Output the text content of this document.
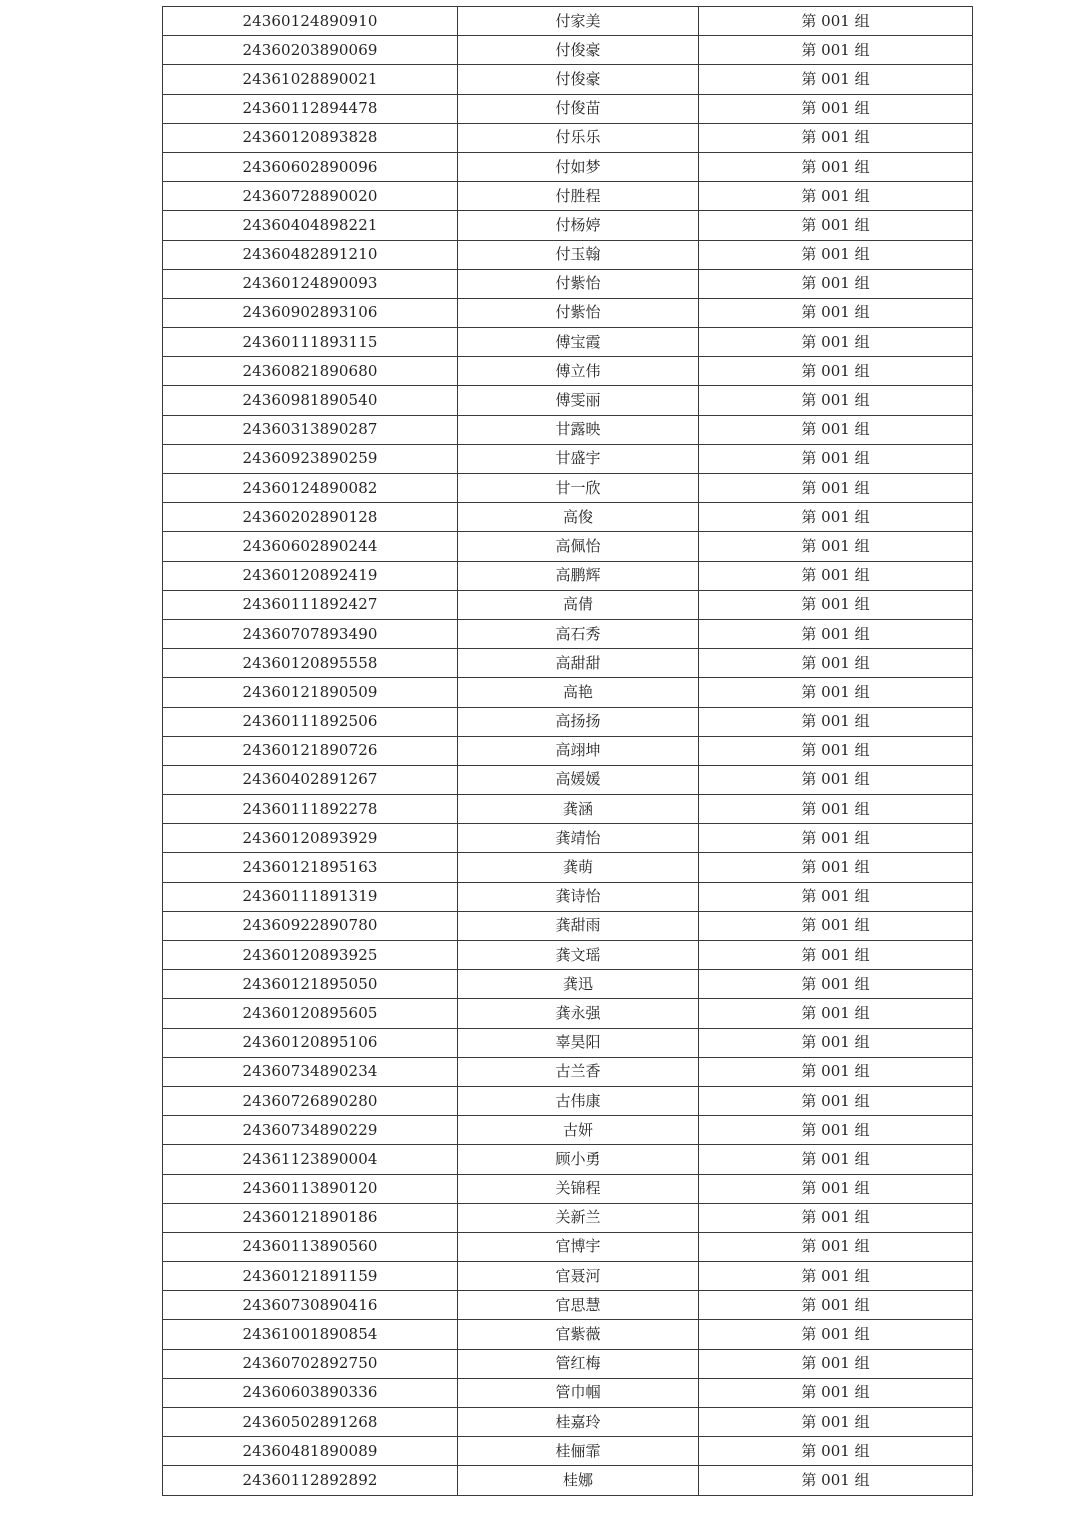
24360124890910	付家美	第 001 组
24360203890069	付俊豪	第 001 组
24361028890021	付俊豪	第 001 组
24360112894478	付俊苗	第 001 组
24360120893828	付乐乐	第 001 组
24360602890096	付如梦	第 001 组
24360728890020	付胜程	第 001 组
24360404898221	付杨婷	第 001 组
24360482891210	付玉翰	第 001 组
24360124890093	付紫怡	第 001 组
24360902893106	付紫怡	第 001 组
24360111893115	傅宝霞	第 001 组
24360821890680	傅立伟	第 001 组
24360981890540	傅雯丽	第 001 组
24360313890287	甘露映	第 001 组
24360923890259	甘盛宇	第 001 组
24360124890082	甘一欣	第 001 组
24360202890128	高俊	第 001 组
24360602890244	高佩怡	第 001 组
24360120892419	高鹏辉	第 001 组
24360111892427	高倩	第 001 组
24360707893490	高石秀	第 001 组
24360120895558	高甜甜	第 001 组
24360121890509	高艳	第 001 组
24360111892506	高扬扬	第 001 组
24360121890726	高翊坤	第 001 组
24360402891267	高媛媛	第 001 组
24360111892278	龚涵	第 001 组
24360120893929	龚靖怡	第 001 组
24360121895163	龚萌	第 001 组
24360111891319	龚诗怡	第 001 组
24360922890780	龚甜雨	第 001 组
24360120893925	龚文瑶	第 001 组
24360121895050	龚迅	第 001 组
24360120895605	龚永强	第 001 组
24360120895106	辜昊阳	第 001 组
24360734890234	古兰香	第 001 组
24360726890280	古伟康	第 001 组
24360734890229	古妍	第 001 组
24361123890004	顾小勇	第 001 组
24360113890120	关锦程	第 001 组
24360121890186	关新兰	第 001 组
24360113890560	官博宇	第 001 组
24360121891159	官聂河	第 001 组
24360730890416	官思慧	第 001 组
24361001890854	官紫薇	第 001 组
24360702892750	管红梅	第 001 组
24360603890336	管巾帼	第 001 组
24360502891268	桂嘉玲	第 001 组
24360481890089	桂俪霏	第 001 组
24360112892892	桂娜	第 001 组
